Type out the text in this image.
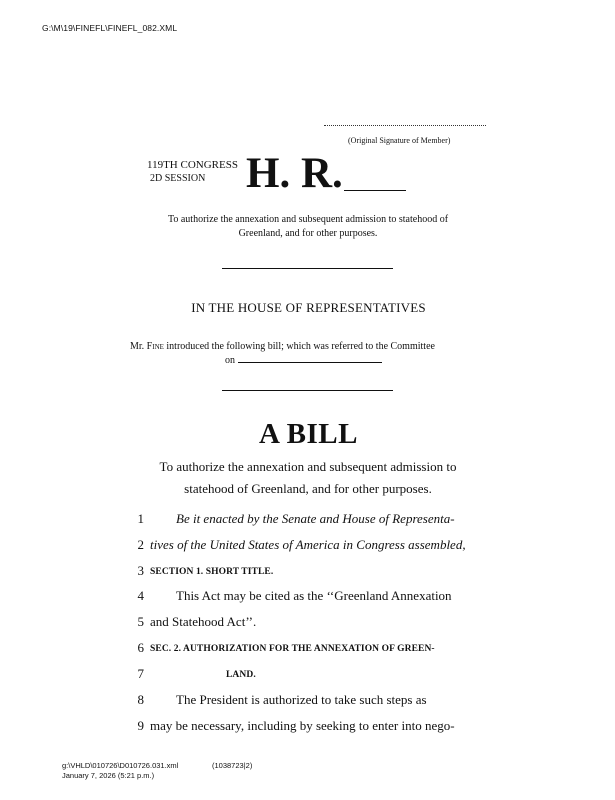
G:\M\19\FINEFL\FINEFL_082.XML
(Original Signature of Member)
119TH CONGRESS
2D SESSION H. R.
To authorize the annexation and subsequent admission to statehood of
Greenland, and for other purposes.
IN THE HOUSE OF REPRESENTATIVES
Mr. Fine introduced the following bill; which was referred to the Committee
on
A BILL
To authorize the annexation and subsequent admission to
statehood of Greenland, and for other purposes.
1 Be it enacted by the Senate and House of Representa-
2 tives of the United States of America in Congress assembled,
3 SECTION 1. SHORT TITLE.
4 This Act may be cited as the ‘‘Greenland Annexation
5 and Statehood Act’’.
6 SEC. 2. AUTHORIZATION FOR THE ANNEXATION OF GREEN-
7	LAND.
8 The President is authorized to take such steps as
9 may be necessary, including by seeking to enter into nego-
g:\VHLD\010726\D010726.031.xml	(1038723|2)
January 7, 2026 (5:21 p.m.)
